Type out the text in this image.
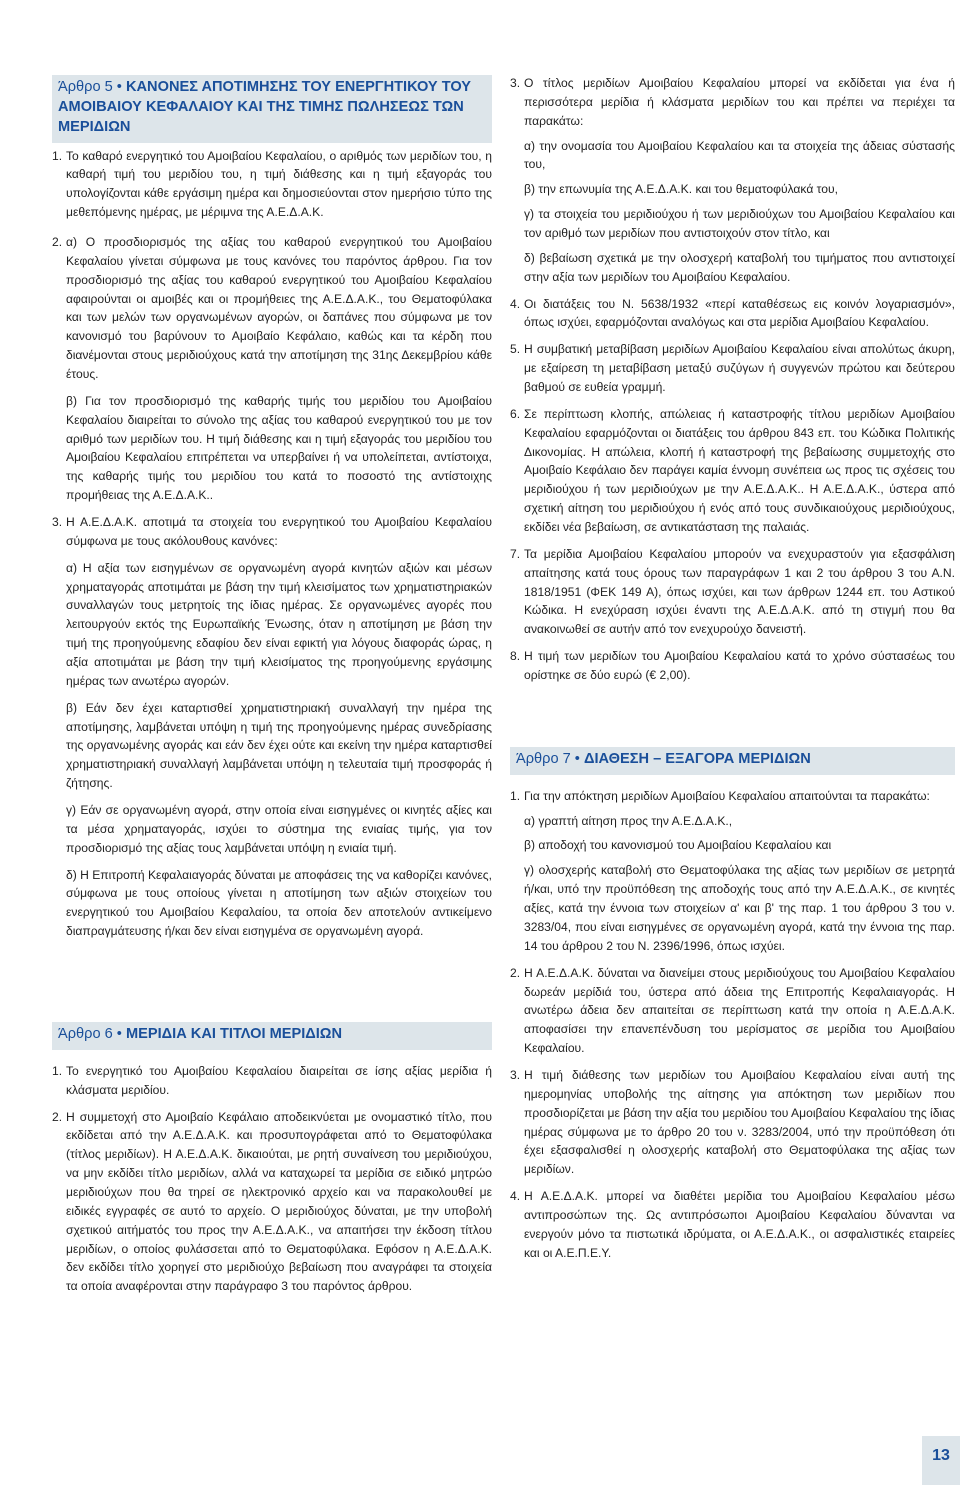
Άρθρο 5 • ΚΑΝΟΝΕΣ ΑΠΟΤΙΜΗΣΗΣ ΤΟΥ ΕΝΕΡΓΗΤΙΚΟΥ ΤΟΥ ΑΜΟΙΒΑΙΟΥ ΚΕΦΑΛΑΙΟΥ ΚΑΙ ΤΗΣ ΤΙΜΗΣ ΠΩΛΗΣΕΩΣ ΤΩΝ ΜΕΡΙΔΙΩΝ

1. Το καθαρό ενεργητικό του Αμοιβαίου Κεφαλαίου, ο αριθμός των μεριδίων του, η καθαρή τιμή του μεριδίου του, η τιμή διάθεσης και η τιμή εξαγοράς του υπολογίζονται κάθε εργάσιμη ημέρα και δημοσιεύονται στον ημερήσιο τύπο της μεθεπόμενης ημέρας, με μέριμνα της Α.Ε.Δ.Α.Κ.

2. α) Ο προσδιορισμός της αξίας του καθαρού ενεργητικού του Αμοιβαίου Κεφαλαίου γίνεται σύμφωνα με τους κανόνες του παρόντος άρθρου. Για τον προσδιορισμό της αξίας του καθαρού ενεργητικού του Αμοιβαίου Κεφαλαίου αφαιρούνται οι αμοιβές και οι προμήθειες της Α.Ε.Δ.Α.Κ., του Θεματοφύλακα και των μελών των οργανωμένων αγορών, οι δαπάνες που σύμφωνα με τον κανονισμό του βαρύνουν το Αμοιβαίο Κεφάλαιο, καθώς και τα κέρδη που διανέμονται στους μεριδιούχους κατά την αποτίμηση της 31ης Δεκεμβρίου κάθε έτους.

β) Για τον προσδιορισμό της καθαρής τιμής του μεριδίου του Αμοιβαίου Κεφαλαίου διαιρείται το σύνολο της αξίας του καθαρού ενεργητικού του με τον αριθμό των μεριδίων του. Η τιμή διάθεσης και η τιμή εξαγοράς του μεριδίου του Αμοιβαίου Κεφαλαίου επιτρέπεται να υπερβαίνει ή να υπολείπεται, αντίστοιχα, της καθαρής τιμής του μεριδίου του κατά το ποσοστό της αντίστοιχης προμήθειας της Α.Ε.Δ.Α.Κ..

3. Η Α.Ε.Δ.Α.Κ. αποτιμά τα στοιχεία του ενεργητικού του Αμοιβαίου Κεφαλαίου σύμφωνα με τους ακόλουθους κανόνες:

α) Η αξία των εισηγμένων σε οργανωμένη αγορά κινητών αξιών και μέσων χρηματαγοράς αποτιμάται με βάση την τιμή κλεισίματος των χρηματιστηριακών συναλλαγών τους μετρητοίς της ίδιας ημέρας. Σε οργανωμένες αγορές που λειτουργούν εκτός της Ευρωπαϊκής Ένωσης, όταν η αποτίμηση με βάση την τιμή της προηγούμενης εδαφίου δεν είναι εφικτή για λόγους διαφοράς ώρας, η αξία αποτιμάται με βάση την τιμή κλεισίματος της προηγούμενης εργάσιμης ημέρας των ανωτέρω αγορών.

β) Εάν δεν έχει καταρτισθεί χρηματιστηριακή συναλλαγή την ημέρα της αποτίμησης, λαμβάνεται υπόψη η τιμή της προηγούμενης ημέρας συνεδρίασης της οργανωμένης αγοράς και εάν δεν έχει ούτε και εκείνη την ημέρα καταρτισθεί χρηματιστηριακή συναλλαγή λαμβάνεται υπόψη η τελευταία τιμή προσφοράς ή ζήτησης.

γ) Εάν σε οργανωμένη αγορά, στην οποία είναι εισηγμένες οι κινητές αξίες και τα μέσα χρηματαγοράς, ισχύει το σύστημα της ενιαίας τιμής, για τον προσδιορισμό της αξίας τους λαμβάνεται υπόψη η ενιαία τιμή.

δ) Η Επιτροπή Κεφαλαιαγοράς δύναται με αποφάσεις της να καθορίζει κανόνες, σύμφωνα με τους οποίους γίνεται η αποτίμηση των αξιών στοιχείων του ενεργητικού του Αμοιβαίου Κεφαλαίου, τα οποία δεν αποτελούν αντικείμενο διαπραγμάτευσης ή/και δεν είναι εισηγμένα σε οργανωμένη αγορά.

Άρθρο 6 • ΜΕΡΙΔΙΑ ΚΑΙ ΤΙΤΛΟΙ ΜΕΡΙΔΙΩΝ

1. Το ενεργητικό του Αμοιβαίου Κεφαλαίου διαιρείται σε ίσης αξίας μερίδια ή κλάσματα μεριδίου.

2. Η συμμετοχή στο Αμοιβαίο Κεφάλαιο αποδεικνύεται με ονομαστικό τίτλο, που εκδίδεται από την Α.Ε.Δ.Α.Κ. και προσυπογράφεται από το Θεματοφύλακα (τίτλος μεριδίων). Η Α.Ε.Δ.Α.Κ. δικαιούται, με ρητή συναίνεση του μεριδιούχου, να μην εκδίδει τίτλο μεριδίων, αλλά να καταχωρεί τα μερίδια σε ειδικό μητρώο μεριδιούχων που θα τηρεί σε ηλεκτρονικό αρχείο και να παρακολουθεί με ειδικές εγγραφές σε αυτό το αρχείο. Ο μεριδιούχος δύναται, με την υποβολή σχετικού αιτήματός του προς την Α.Ε.Δ.Α.Κ., να απαιτήσει την έκδοση τίτλου μεριδίων, ο οποίος φυλάσσεται από το Θεματοφύλακα. Εφόσον η Α.Ε.Δ.Α.Κ. δεν εκδίδει τίτλο χορηγεί στο μεριδιούχο βεβαίωση που αναγράφει τα στοιχεία τα οποία αναφέρονται στην παράγραφο 3 του παρόντος άρθρου.

3. Ο τίτλος μεριδίων Αμοιβαίου Κεφαλαίου μπορεί να εκδίδεται για ένα ή περισσότερα μερίδια ή κλάσματα μεριδίων του και πρέπει να περιέχει τα παρακάτω:

α) την ονομασία του Αμοιβαίου Κεφαλαίου και τα στοιχεία της άδειας σύστασής του,

β) την επωνυμία της Α.Ε.Δ.Α.Κ. και του θεματοφύλακά του,

γ) τα στοιχεία του μεριδιούχου ή των μεριδιούχων του Αμοιβαίου Κεφαλαίου και τον αριθμό των μεριδίων που αντιστοιχούν στον τίτλο, και

δ) βεβαίωση σχετικά με την ολοσχερή καταβολή του τιμήματος που αντιστοιχεί στην αξία των μεριδίων του Αμοιβαίου Κεφαλαίου.

4. Οι διατάξεις του Ν. 5638/1932 «περί καταθέσεως εις κοινόν λογαριασμόν», όπως ισχύει, εφαρμόζονται αναλόγως και στα μερίδια Αμοιβαίου Κεφαλαίου.

5. Η συμβατική μεταβίβαση μεριδίων Αμοιβαίου Κεφαλαίου είναι απολύτως άκυρη, με εξαίρεση τη μεταβίβαση μεταξύ συζύγων ή συγγενών πρώτου και δεύτερου βαθμού σε ευθεία γραμμή.

6. Σε περίπτωση κλοπής, απώλειας ή καταστροφής τίτλου μεριδίων Αμοιβαίου Κεφαλαίου εφαρμόζονται οι διατάξεις του άρθρου 843 επ. του Κώδικα Πολιτικής Δικονομίας. Η απώλεια, κλοπή ή καταστροφή της βεβαίωσης συμμετοχής στο Αμοιβαίο Κεφάλαιο δεν παράγει καμία έννομη συνέπεια ως προς τις σχέσεις του μεριδιούχου ή των μεριδιούχων με την Α.Ε.Δ.Α.Κ.. Η Α.Ε.Δ.Α.Κ., ύστερα από σχετική αίτηση του μεριδιούχου ή ενός από τους συνδικαιούχους μεριδιούχους, εκδίδει νέα βεβαίωση, σε αντικατάσταση της παλαιάς.

7. Τα μερίδια Αμοιβαίου Κεφαλαίου μπορούν να ενεχυραστούν για εξασφάλιση απαίτησης κατά τους όρους των παραγράφων 1 και 2 του άρθρου 3 του Α.Ν. 1818/1951 (ΦΕΚ 149 Α), όπως ισχύει, και των άρθρων 1244 επ. του Αστικού Κώδικα. Η ενεχύραση ισχύει έναντι της Α.Ε.Δ.Α.Κ. από τη στιγμή που θα ανακοινωθεί σε αυτήν από τον ενεχυρούχο δανειστή.

8. Η τιμή των μεριδίων του Αμοιβαίου Κεφαλαίου κατά το χρόνο σύστασέως του ορίστηκε σε δύο ευρώ (€ 2,00).

Άρθρο 7 • ΔΙΑΘΕΣΗ – ΕΞΑΓΟΡΑ ΜΕΡΙΔΙΩΝ

1. Για την απόκτηση μεριδίων Αμοιβαίου Κεφαλαίου απαιτούνται τα παρακάτω:

α) γραπτή αίτηση προς την Α.Ε.Δ.Α.Κ.,

β) αποδοχή του κανονισμού του Αμοιβαίου Κεφαλαίου και

γ) ολοσχερής καταβολή στο Θεματοφύλακα της αξίας των μεριδίων σε μετρητά ή/και, υπό την προϋπόθεση της αποδοχής τους από την Α.Ε.Δ.Α.Κ., σε κινητές αξίες, κατά την έννοια των στοιχείων α' και β' της παρ. 1 του άρθρου 3 του ν. 3283/04, που είναι εισηγμένες σε οργανωμένη αγορά, κατά την έννοια της παρ. 14 του άρθρου 2 του Ν. 2396/1996, όπως ισχύει.

2. Η Α.Ε.Δ.Α.Κ. δύναται να διανείμει στους μεριδιούχους του Αμοιβαίου Κεφαλαίου δωρεάν μερίδιά του, ύστερα από άδεια της Επιτροπής Κεφαλαιαγοράς. Η ανωτέρω άδεια δεν απαιτείται σε περίπτωση κατά την οποία η Α.Ε.Δ.Α.Κ. αποφασίσει την επανεπένδυση του μερίσματος σε μερίδια του Αμοιβαίου Κεφαλαίου.

3. Η τιμή διάθεσης των μεριδίων του Αμοιβαίου Κεφαλαίου είναι αυτή της ημερομηνίας υποβολής της αίτησης για απόκτηση των μεριδίων που προσδιορίζεται με βάση την αξία του μεριδίου του Αμοιβαίου Κεφαλαίου της ίδιας ημέρας σύμφωνα με το άρθρο 20 του ν. 3283/2004, υπό την προϋπόθεση ότι έχει εξασφαλισθεί η ολοσχερής καταβολή στο Θεματοφύλακα της αξίας των μεριδίων.

4. Η Α.Ε.Δ.Α.Κ. μπορεί να διαθέτει μερίδια του Αμοιβαίου Κεφαλαίου μέσω αντιπροσώπων της. Ως αντιπρόσωποι Αμοιβαίου Κεφαλαίου δύνανται να ενεργούν μόνο τα πιστωτικά ιδρύματα, οι Α.Ε.Δ.Α.Κ., οι ασφαλιστικές εταιρείες και οι Α.Ε.Π.Ε.Υ.

13
